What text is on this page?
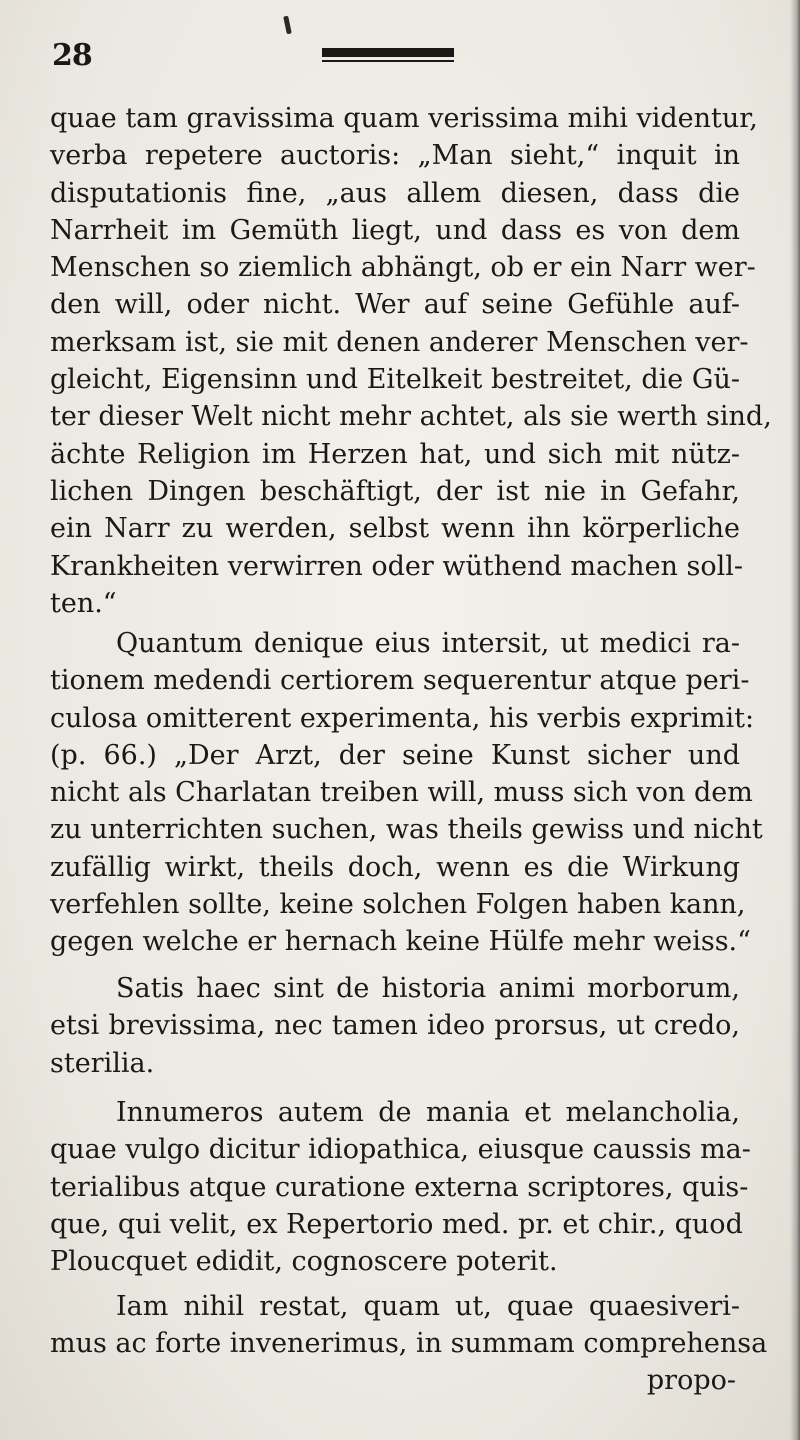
28
quae tam gravissima quam verissima mihi videntur,
verba repetere auctoris: „Man sieht,“ inquit in
disputationis fine, „aus allem diesen, dass die
Narrheit im Gemüth liegt, und dass es von dem
Menschen so ziemlich abhängt, ob er ein Narr wer-
den will, oder nicht. Wer auf seine Gefühle auf-
merksam ist, sie mit denen anderer Menschen ver-
gleicht, Eigensinn und Eitelkeit bestreitet, die Gü-
ter dieser Welt nicht mehr achtet, als sie werth sind,
ächte Religion im Herzen hat, und sich mit nütz-
lichen Dingen beschäftigt, der ist nie in Gefahr,
ein Narr zu werden, selbst wenn ihn körperliche
Krankheiten verwirren oder wüthend machen soll-
ten.“
Quantum denique eius intersit, ut medici ra-
tionem medendi certiorem sequerentur atque peri-
culosa omitterent experimenta, his verbis exprimit:
(p. 66.) „Der Arzt, der seine Kunst sicher und
nicht als Charlatan treiben will, muss sich von dem
zu unterrichten suchen, was theils gewiss und nicht
zufällig wirkt, theils doch, wenn es die Wirkung
verfehlen sollte, keine solchen Folgen haben kann,
gegen welche er hernach keine Hülfe mehr weiss.“
Satis haec sint de historia animi morborum,
etsi brevissima, nec tamen ideo prorsus, ut credo,
sterilia.
Innumeros autem de mania et melancholia,
quae vulgo dicitur idiopathica, eiusque caussis ma-
terialibus atque curatione externa scriptores, quis-
que, qui velit, ex Repertorio med. pr. et chir., quod
Ploucquet edidit, cognoscere poterit.
Iam nihil restat, quam ut, quae quaesiveri-
mus ac forte invenerimus, in summam comprehensa
propo-
